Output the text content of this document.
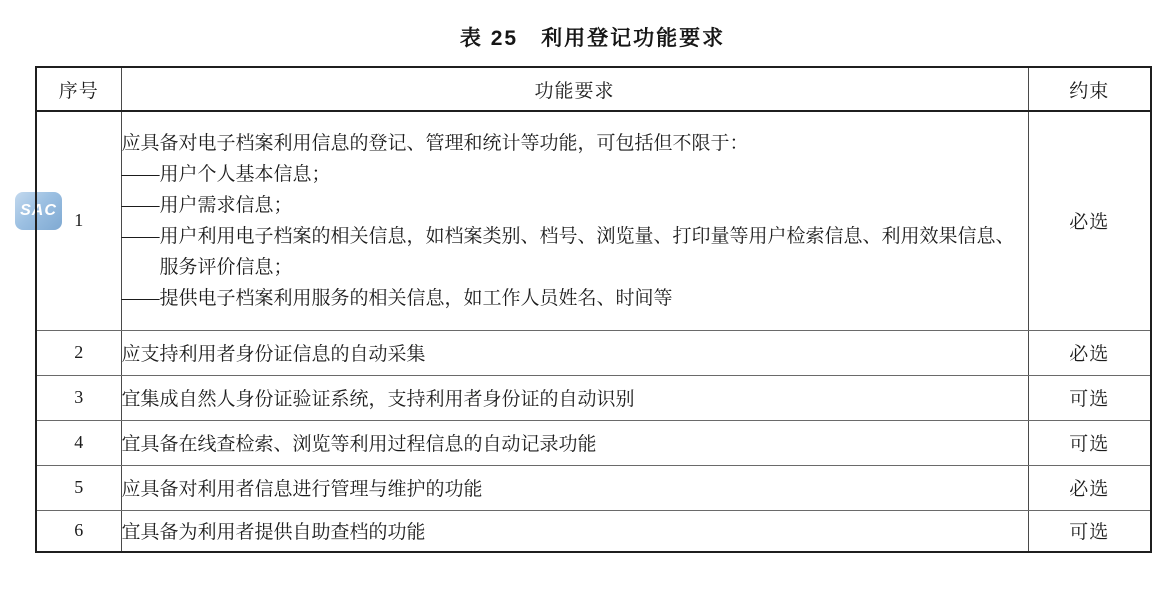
SAC
表 25　利用登记功能要求
序号	功能要求	约束
1	应具备对电子档案利用信息的登记、管理和统计等功能，可包括但不限于：
——用户个人基本信息；
——用户需求信息；
——用户利用电子档案的相关信息，如档案类别、档号、浏览量、打印量等用户检索信息、利用效果信息、服务评价信息；
——提供电子档案利用服务的相关信息，如工作人员姓名、时间等	必选
2	应支持利用者身份证信息的自动采集	必选
3	宜集成自然人身份证验证系统，支持利用者身份证的自动识别	可选
4	宜具备在线查检索、浏览等利用过程信息的自动记录功能	可选
5	应具备对利用者信息进行管理与维护的功能	必选
6	宜具备为利用者提供自助查档的功能	可选
